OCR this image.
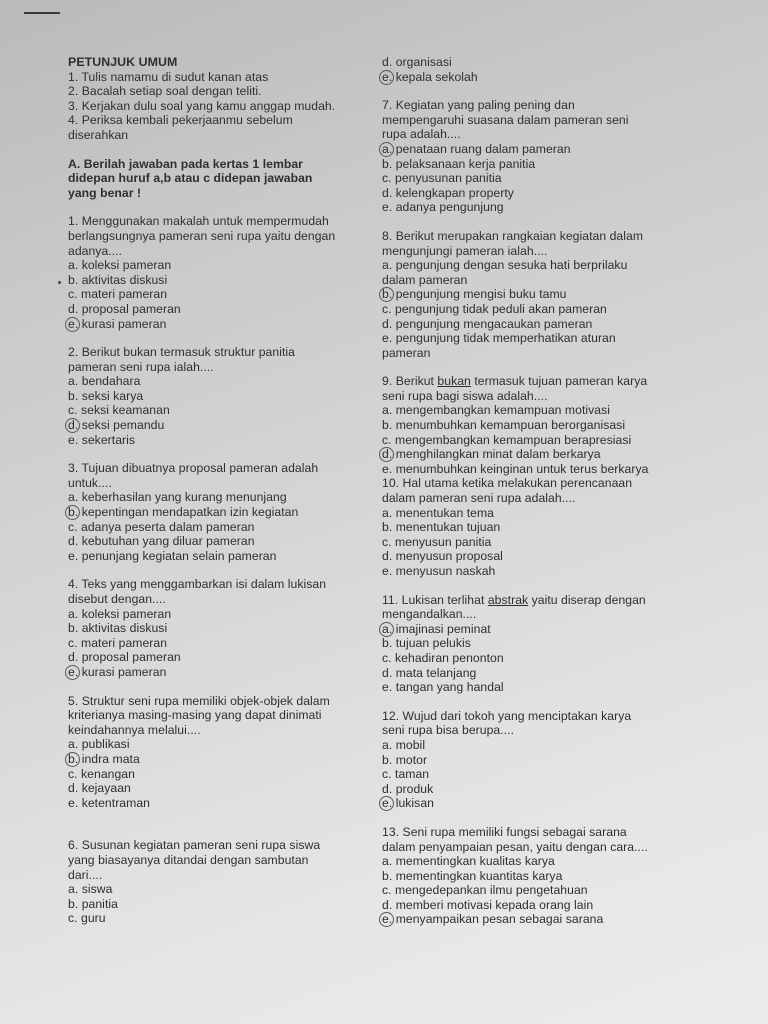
PETUNJUK UMUM
1. Tulis namamu di sudut kanan atas
2. Bacalah setiap soal dengan teliti.
3. Kerjakan dulu soal yang kamu anggap mudah.
4. Periksa kembali pekerjaanmu sebelum
diserahkan
A. Berilah jawaban pada kertas 1 lembar
didepan huruf a,b atau c didepan jawaban
yang benar !
1. Menggunakan makalah untuk mempermudah
berlangsungnya pameran seni rupa yaitu dengan
adanya....
a. koleksi pameran
b. aktivitas diskusi
c. materi pameran
d. proposal pameran
e. kurasi pameran
2. Berikut bukan termasuk struktur panitia
pameran seni rupa ialah....
a. bendahara
b. seksi karya
c. seksi keamanan
d. seksi pemandu
e. sekertaris
3. Tujuan dibuatnya proposal pameran adalah
untuk....
a. keberhasilan yang kurang menunjang
b. kepentingan mendapatkan izin kegiatan
c. adanya peserta dalam pameran
d. kebutuhan yang diluar pameran
e. penunjang kegiatan selain pameran
4. Teks yang menggambarkan isi dalam lukisan
disebut dengan....
a. koleksi pameran
b. aktivitas diskusi
c. materi pameran
d. proposal pameran
e. kurasi pameran
5. Struktur seni rupa memiliki objek-objek dalam
kriterianya masing-masing yang dapat dinimati
keindahannya melalui....
a. publikasi
b. indra mata
c. kenangan
d. kejayaan
e. ketentraman
6. Susunan kegiatan pameran seni rupa siswa
yang biasayanya ditandai dengan sambutan
dari....
a. siswa
b. panitia
c. guru
d. organisasi
e. kepala sekolah
7. Kegiatan yang paling pening dan
mempengaruhi suasana dalam pameran seni
rupa adalah....
a. penataan ruang dalam pameran
b. pelaksanaan kerja panitia
c. penyusunan panitia
d. kelengkapan property
e. adanya pengunjung
8. Berikut merupakan rangkaian kegiatan dalam
mengunjungi pameran ialah....
a. pengunjung dengan sesuka hati berprilaku
dalam pameran
b. pengunjung mengisi buku tamu
c. pengunjung tidak peduli akan pameran
d. pengunjung mengacaukan pameran
e. pengunjung tidak memperhatikan aturan
pameran
9. Berikut bukan termasuk tujuan pameran karya
seni rupa bagi siswa adalah....
a. mengembangkan kemampuan motivasi
b. menumbuhkan kemampuan berorganisasi
c. mengembangkan kemampuan berapresiasi
d. menghilangkan minat dalam berkarya
e. menumbuhkan keinginan untuk terus berkarya
10. Hal utama ketika melakukan perencanaan
dalam pameran seni rupa adalah....
a. menentukan tema
b. menentukan tujuan
c. menyusun panitia
d. menyusun proposal
e. menyusun naskah
11. Lukisan terlihat abstrak yaitu diserap dengan
mengandalkan....
a. imajinasi peminat
b. tujuan pelukis
c. kehadiran penonton
d. mata telanjang
e. tangan yang handal
12. Wujud dari tokoh yang menciptakan karya
seni rupa bisa berupa....
a. mobil
b. motor
c. taman
d. produk
e. lukisan
13. Seni rupa memiliki fungsi sebagai sarana
dalam penyampaian pesan, yaitu dengan cara....
a. mementingkan kualitas karya
b. mementingkan kuantitas karya
c. mengedepankan ilmu pengetahuan
d. memberi motivasi kepada orang lain
e. menyampaikan pesan sebagai sarana
